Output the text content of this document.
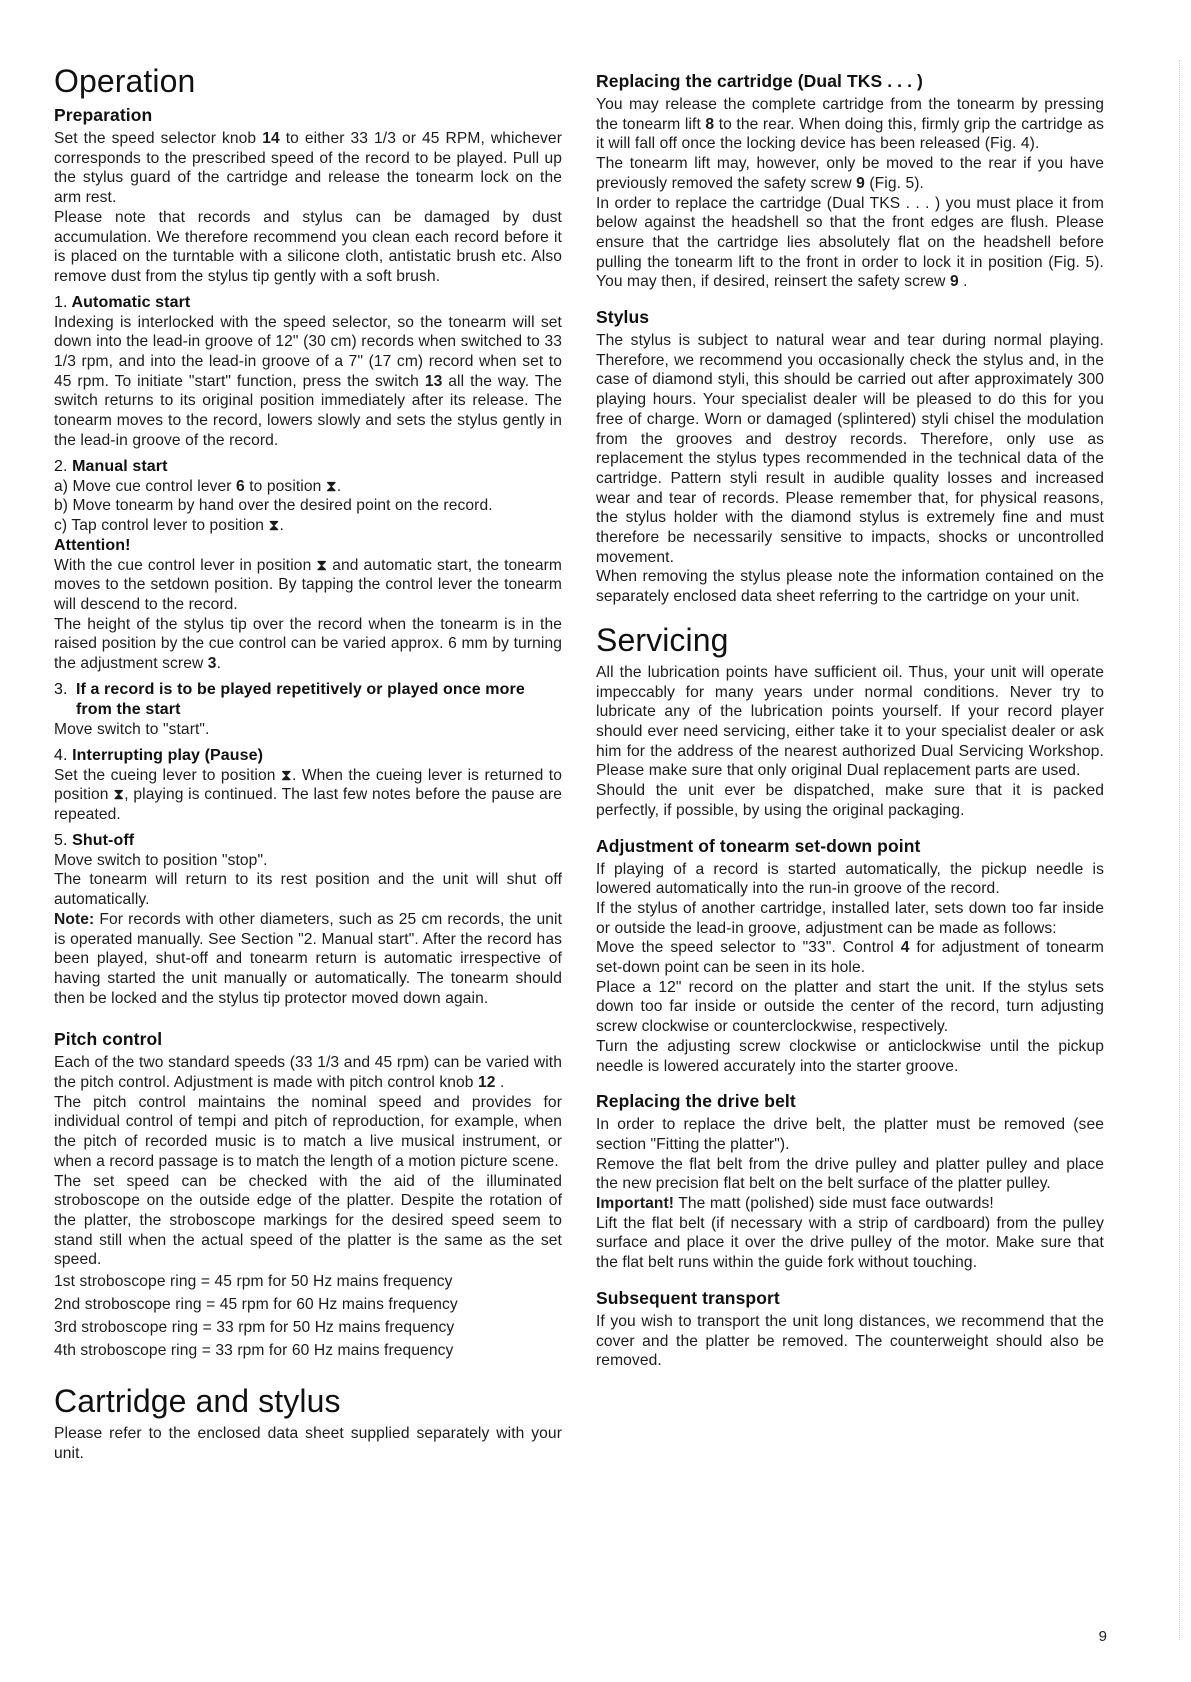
Operation
Preparation

Set the speed selector knob 14 to either 33 1/3 or 45 RPM, whichever corresponds to the prescribed speed of the record to be played. Pull up the stylus guard of the cartridge and release the tonearm lock on the arm rest.

Please note that records and stylus can be damaged by dust accumulation. We therefore recommend you clean each record before it is placed on the turntable with a silicone cloth, antistatic brush etc. Also remove dust from the stylus tip gently with a soft brush.

1. Automatic start

Indexing is interlocked with the speed selector, so the tonearm will set down into the lead-in groove of 12" (30 cm) records when switched to 33 1/3 rpm, and into the lead-in groove of a 7" (17 cm) record when set to 45 rpm. To initiate "start" function, press the switch 13 all the way. The switch returns to its original position immediately after its release. The tonearm moves to the record, lowers slowly and sets the stylus gently in the lead-in groove of the record.

2. Manual start

a) Move cue control lever 6 to position ⧗.

b) Move tonearm by hand over the desired point on the record.

c) Tap control lever to position ⧗.

Attention!

With the cue control lever in position ⧗ and automatic start, the tonearm moves to the setdown position. By tapping the control lever the tonearm will descend to the record.

The height of the stylus tip over the record when the tonearm is in the raised position by the cue control can be varied approx. 6 mm by turning the adjustment screw 3.

3. If a record is to be played repetitively or played once more from the start

Move switch to "start".

4. Interrupting play (Pause)

Set the cueing lever to position ⧗. When the cueing lever is returned to position ⧗, playing is continued. The last few notes before the pause are repeated.

5. Shut-off

Move switch to position "stop".

The tonearm will return to its rest position and the unit will shut off automatically.

Note: For records with other diameters, such as 25 cm records, the unit is operated manually. See Section "2. Manual start". After the record has been played, shut-off and tonearm return is automatic irrespective of having started the unit manually or automatically. The tonearm should then be locked and the stylus tip protector moved down again.

Pitch control

Each of the two standard speeds (33 1/3 and 45 rpm) can be varied with the pitch control. Adjustment is made with pitch control knob 12 .

The pitch control maintains the nominal speed and provides for individual control of tempi and pitch of reproduction, for example, when the pitch of recorded music is to match a live musical instrument, or when a record passage is to match the length of a motion picture scene.

The set speed can be checked with the aid of the illuminated stroboscope on the outside edge of the platter. Despite the rotation of the platter, the stroboscope markings for the desired speed seem to stand still when the actual speed of the platter is the same as the set speed.

1st stroboscope ring = 45 rpm for 50 Hz mains frequency

2nd stroboscope ring = 45 rpm for 60 Hz mains frequency

3rd stroboscope ring = 33 rpm for 50 Hz mains frequency

4th stroboscope ring = 33 rpm for 60 Hz mains frequency

Cartridge and stylus

Please refer to the enclosed data sheet supplied separately with your unit.

Replacing the cartridge (Dual TKS . . . )

You may release the complete cartridge from the tonearm by pressing the tonearm lift 8 to the rear. When doing this, firmly grip the cartridge as it will fall off once the locking device has been released (Fig. 4).

The tonearm lift may, however, only be moved to the rear if you have previously removed the safety screw 9 (Fig. 5).

In order to replace the cartridge (Dual TKS . . . ) you must place it from below against the headshell so that the front edges are flush. Please ensure that the cartridge lies absolutely flat on the headshell before pulling the tonearm lift to the front in order to lock it in position (Fig. 5). You may then, if desired, reinsert the safety screw 9 .

Stylus

The stylus is subject to natural wear and tear during normal playing. Therefore, we recommend you occasionally check the stylus and, in the case of diamond styli, this should be carried out after approximately 300 playing hours. Your specialist dealer will be pleased to do this for you free of charge. Worn or damaged (splintered) styli chisel the modulation from the grooves and destroy records. Therefore, only use as replacement the stylus types recommended in the technical data of the cartridge. Pattern styli result in audible quality losses and increased wear and tear of records. Please remember that, for physical reasons, the stylus holder with the diamond stylus is extremely fine and must therefore be necessarily sensitive to impacts, shocks or uncontrolled movement.

When removing the stylus please note the information contained on the separately enclosed data sheet referring to the cartridge on your unit.

Servicing

All the lubrication points have sufficient oil. Thus, your unit will operate impeccably for many years under normal conditions. Never try to lubricate any of the lubrication points yourself. If your record player should ever need servicing, either take it to your specialist dealer or ask him for the address of the nearest authorized Dual Servicing Workshop. Please make sure that only original Dual replacement parts are used.

Should the unit ever be dispatched, make sure that it is packed perfectly, if possible, by using the original packaging.

Adjustment of tonearm set-down point

If playing of a record is started automatically, the pickup needle is lowered automatically into the run-in groove of the record.

If the stylus of another cartridge, installed later, sets down too far inside or outside the lead-in groove, adjustment can be made as follows:

Move the speed selector to "33". Control 4 for adjustment of tonearm set-down point can be seen in its hole.

Place a 12" record on the platter and start the unit. If the stylus sets down too far inside or outside the center of the record, turn adjusting screw clockwise or counterclockwise, respectively.

Turn the adjusting screw clockwise or anticlockwise until the pickup needle is lowered accurately into the starter groove.

Replacing the drive belt

In order to replace the drive belt, the platter must be removed (see section "Fitting the platter").

Remove the flat belt from the drive pulley and platter pulley and place the new precision flat belt on the belt surface of the platter pulley.

Important! The matt (polished) side must face outwards!

Lift the flat belt (if necessary with a strip of cardboard) from the pulley surface and place it over the drive pulley of the motor. Make sure that the flat belt runs within the guide fork without touching.

Subsequent transport

If you wish to transport the unit long distances, we recommend that the cover and the platter be removed. The counterweight should also be removed.

9
